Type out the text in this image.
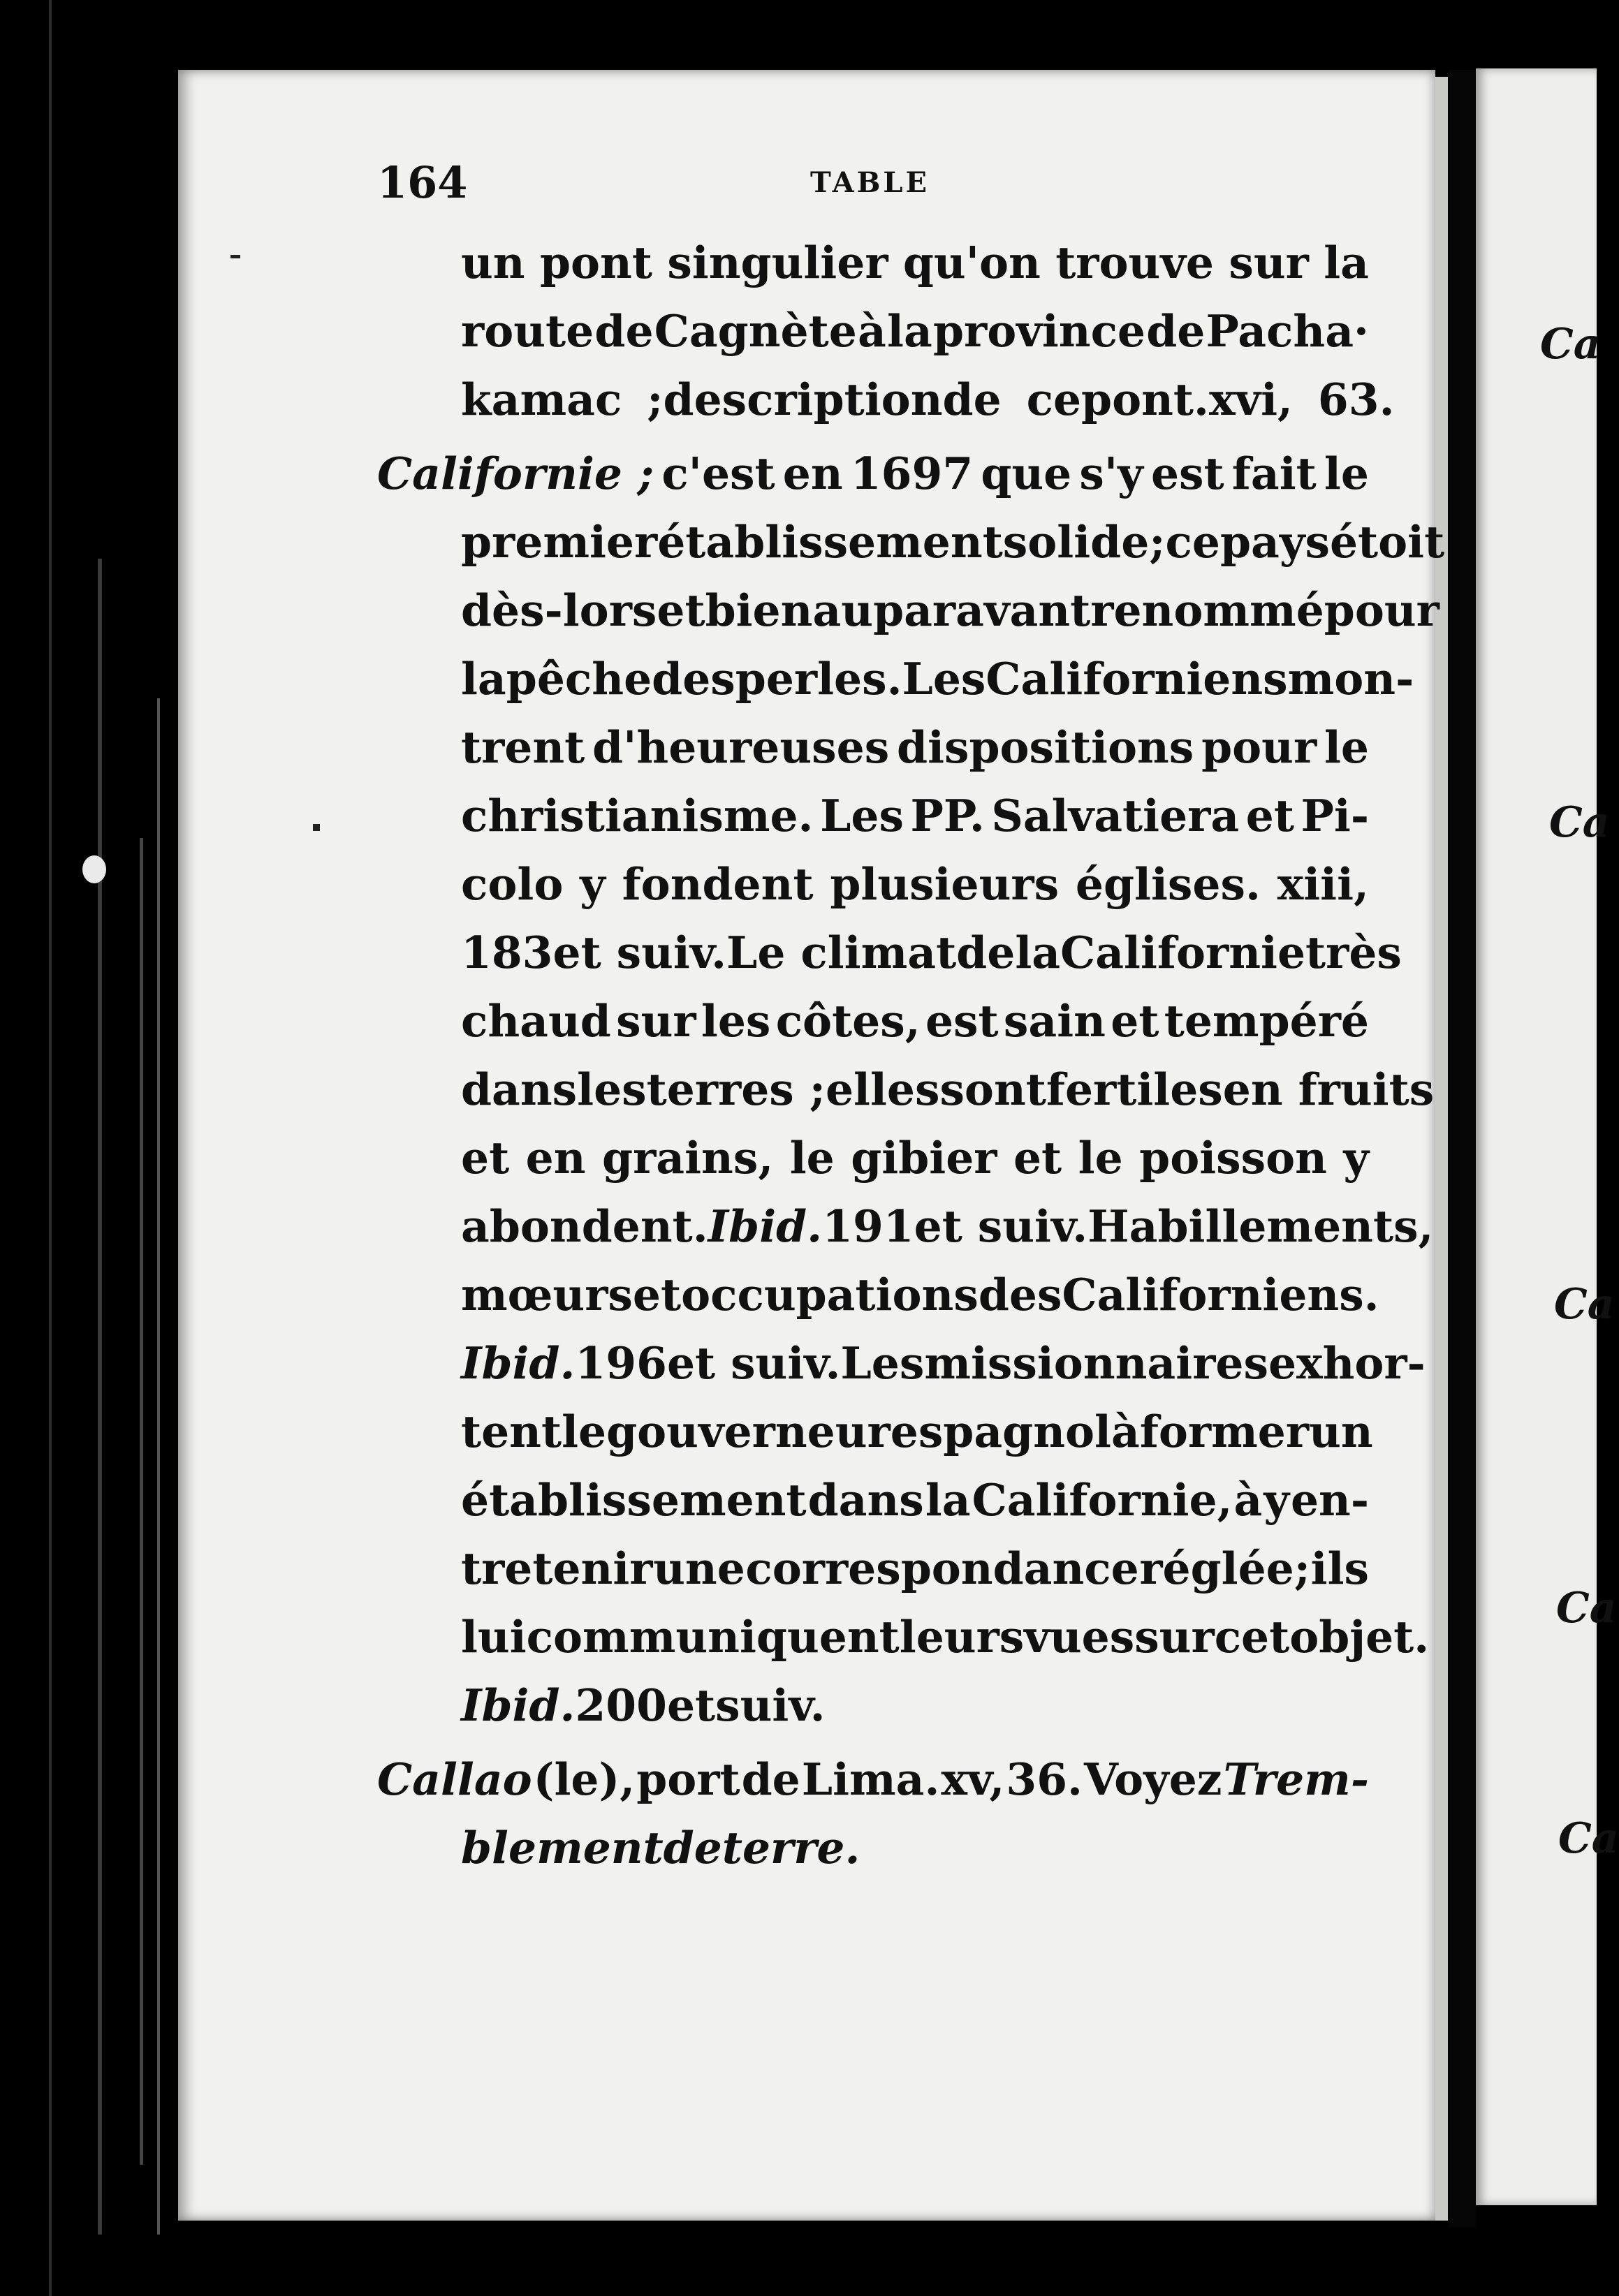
Ca
Ca
Ca
Ca
Ca
164	TABLE
un pont singulier qu'on trouve sur la
route de Cagnète à la province de Pacha·
kamac ; description de ce pont. xvi, 63.
Californie ; c'est en 1697 que s'y est fait le
premier établissement solide; ce pays étoit
dès-lors et bien auparavant renommé pour
la pêche des perles. Les Californiens mon-
trent d'heureuses dispositions pour le
christianisme. Les PP. Salvatiera et Pi-
colo y fondent plusieurs églises. xiii,
183 et suiv. Le climat de la Californie très
chaud sur les côtes, est sain et tempéré
dans les terres ; elles sont fertiles en fruits
et en grains, le gibier et le poisson y
abondent. Ibid. 191 et suiv. Habillements,
mœurs et occupations des Californiens.
Ibid. 196 et suiv. Les missionnaires exhor-
tent le gouverneur espagnol à former un
établissement dans la Californie, à y en-
tretenir une correspondance réglée; ils
lui communiquent leurs vues sur cet objet.
Ibid. 200 et suiv.
Callao (le), port de Lima. xv, 36. Voyez Trem-
blement de terre.
